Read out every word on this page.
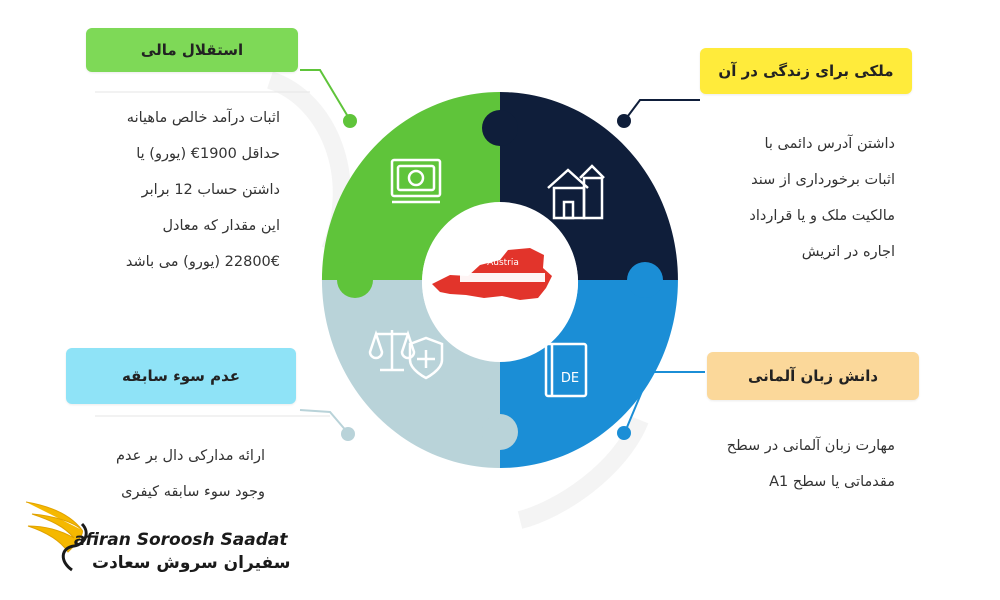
Austria
DE
استقلال مالی
ملکی برای زندگی در آن
عدم سوء سابقه	دانش زبان آلمانی
اثبات درآمد خالص ماهیانه
حداقل 1900€ (یورو) یا
داشتن حساب 12 برابر
این مقدار که معادل
22800€ (یورو) می باشد
داشتن آدرس دائمی با
اثبات برخورداری از سند
مالکیت ملک و یا قرارداد
اجاره در اتریش
ارائه مدارکی دال بر عدم
وجود سوء سابقه کیفری
مهارت زبان آلمانی در سطح
مقدماتی یا سطح A1
afiran Soroosh Saadat
سفیران سروش سعادت
